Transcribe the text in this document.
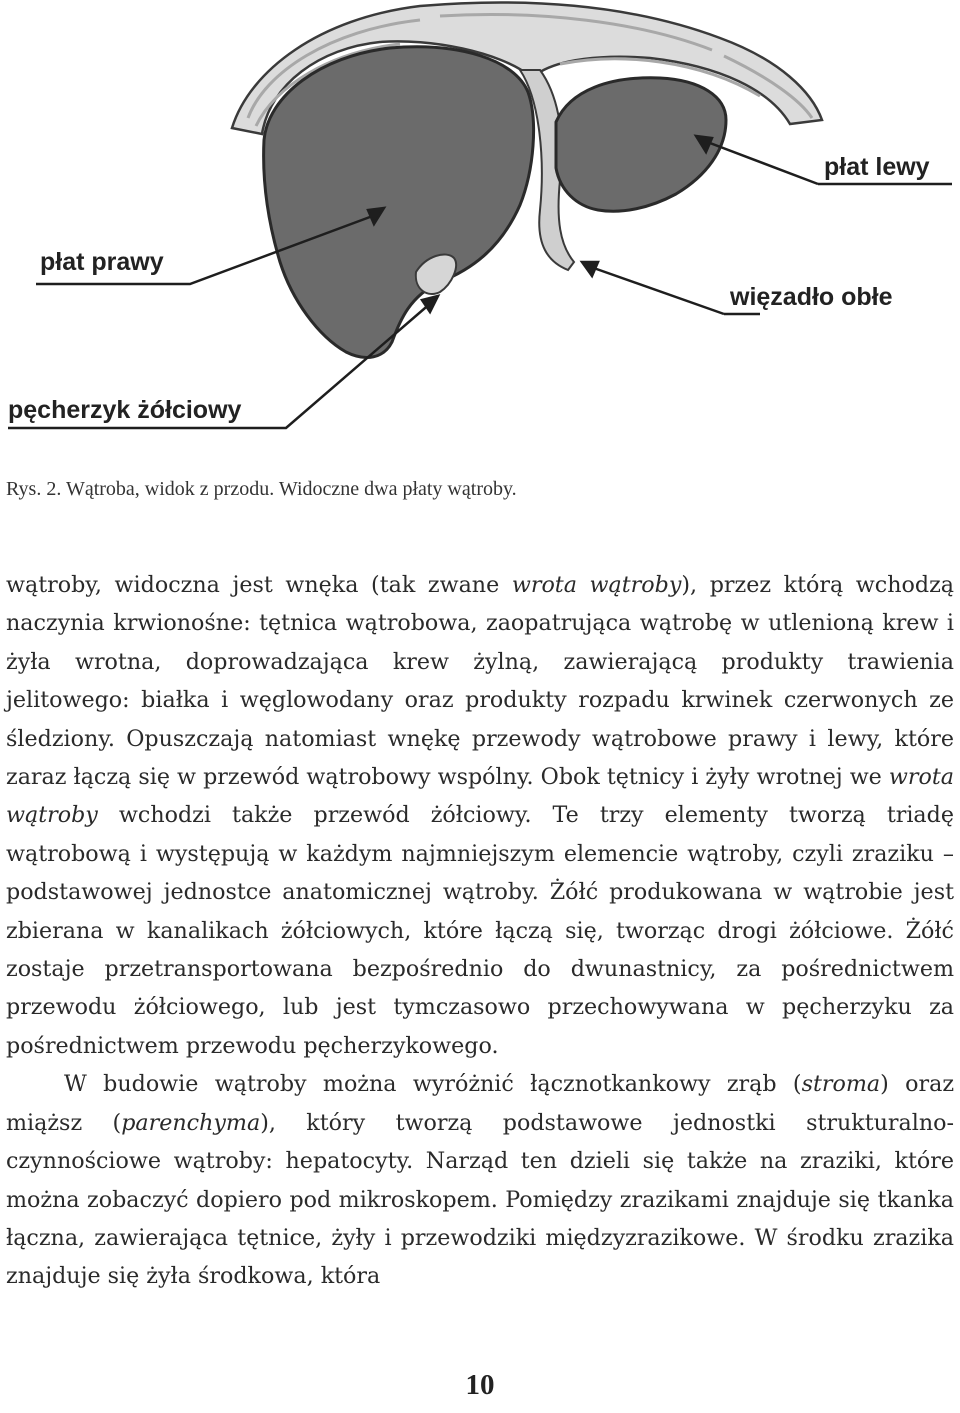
płat prawy
płat lewy
więzadło obłe
pęcherzyk żółciowy
Rys. 2. Wątroba, widok z przodu. Widoczne dwa płaty wątroby.

wątroby, widoczna jest wnęka (tak zwane wrota wątroby), przez którą wchodzą naczynia krwionośne: tętnica wątrobowa, zaopatrująca wątrobę w utlenioną krew i żyła wrotna, doprowadzająca krew żylną, zawierającą produkty trawienia jelitowego: białka i węglowodany oraz produkty rozpadu krwinek czerwonych ze śledziony. Opuszczają natomiast wnękę przewody wątrobowe prawy i lewy, które zaraz łączą się w przewód wątrobowy wspólny. Obok tętnicy i żyły wrotnej we wrota wątroby wchodzi także przewód żółciowy. Te trzy elementy tworzą triadę wątrobową i występują w każdym najmniejszym elemencie wątroby, czyli zraziku – podstawowej jednostce anatomicznej wątroby. Żółć produkowana w wątrobie jest zbierana w kanalikach żółciowych, które łączą się, tworząc drogi żółciowe. Żółć zostaje przetransportowana bezpośrednio do dwunastnicy, za pośrednictwem przewodu żółciowego, lub jest tymczasowo przechowywana w pęcherzyku za pośrednictwem przewodu pęcherzykowego.

W budowie wątroby można wyróżnić łącznotkankowy zrąb (stroma) oraz miąższ (parenchyma), który tworzą podstawowe jednostki strukturalno-czynnościowe wątroby: hepatocyty. Narząd ten dzieli się także na zraziki, które można zobaczyć dopiero pod mikroskopem. Pomiędzy zrazikami znajduje się tkanka łączna, zawierająca tętnice, żyły i przewodziki międzyzrazikowe. W środku zrazika znajduje się żyła środkowa, która

10
